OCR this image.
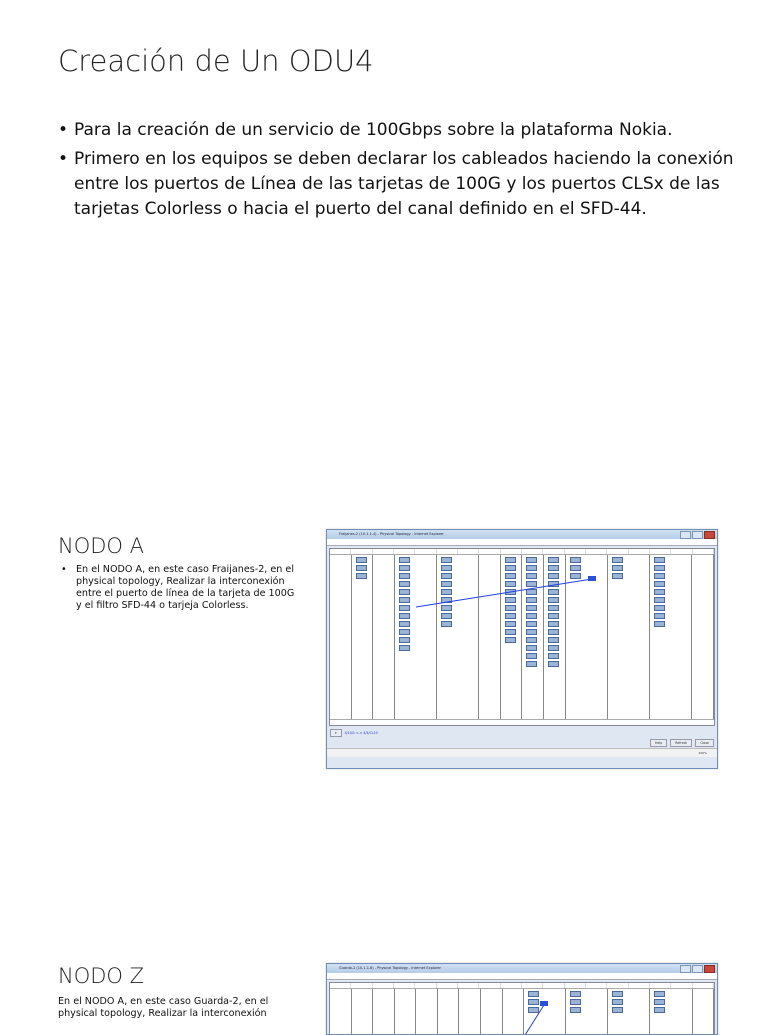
Creación de Un ODU4
• Para la creación de un servicio de 100Gbps sobre la plataforma Nokia.
• Primero en los equipos se deben declarar los cableados haciendo la conexión entre los puertos de Línea de las tarjetas de 100G y los puertos CLSx de las tarjetas Colorless o hacia el puerto del canal definido en el SFD-44.
NODO A
• En el NODO A, en este caso Fraijanes-2, en el physical topology, Realizar la interconexión entre el puerto de línea de la tarjeta de 100G y el filtro SFD-44 o tarjeja Colorless.
Fraijanes-2 (10.1.1.4) - Physical Topology - Internet Explorer
▾	4/10/1 <-> 4/4/CL10
Help	Refresh	Close
100%
NODO Z

En el NODO A, en este caso Guarda-2, en el physical topology, Realizar la interconexión

Guarda-2 (10.1.1.8) - Physical Topology - Internet Explorer
